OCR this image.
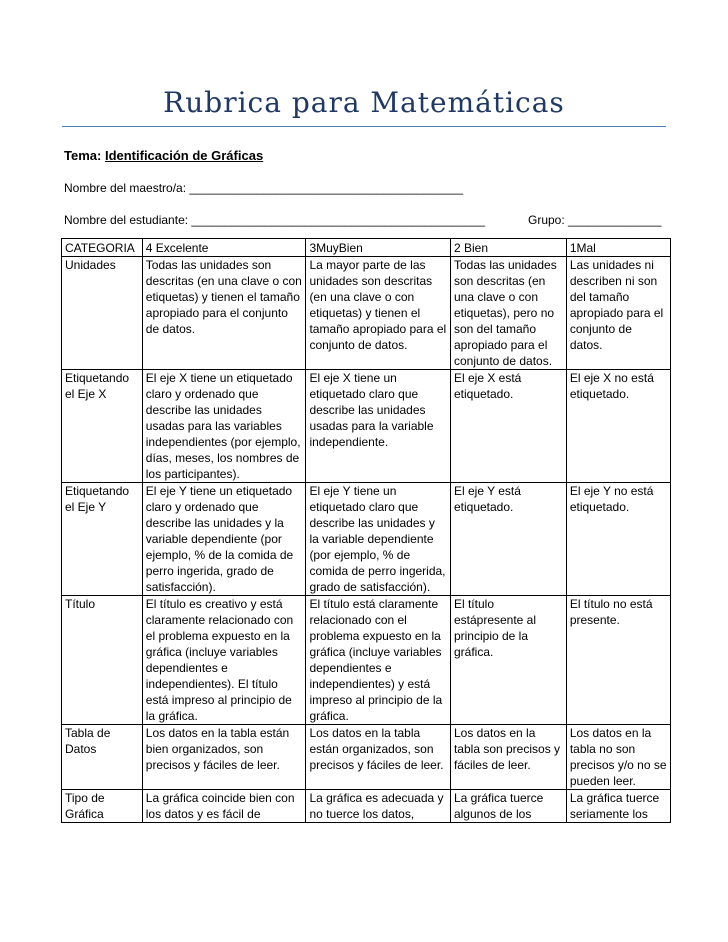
Rubrica para Matemáticas
Tema: Identificación de Gráficas
Nombre del maestro/a: _________________________________________
Nombre del estudiante: ____________________________________________	Grupo: ______________
CATEGORIA	4 Excelente	3MuyBien	2 Bien	1Mal
Unidades	Todas las unidades son descritas (en una clave o con etiquetas) y tienen el tamaño apropiado para el conjunto de datos.	La mayor parte de las unidades son descritas (en una clave o con etiquetas) y tienen el tamaño apropiado para el conjunto de datos.	Todas las unidades son descritas (en una clave o con etiquetas), pero no son del tamaño apropiado para el conjunto de datos.	Las unidades ni describen ni son del tamaño apropiado para el conjunto de datos.
Etiquetando el Eje X	El eje X tiene un etiquetado claro y ordenado que describe las unidades usadas para las variables independientes (por ejemplo, días, meses, los nombres de los participantes).	El eje X tiene un etiquetado claro que describe las unidades usadas para la variable independiente.	El eje X está etiquetado.	El eje X no está etiquetado.
Etiquetando el Eje Y	El eje Y tiene un etiquetado claro y ordenado que describe las unidades y la variable dependiente (por ejemplo, % de la comida de perro ingerida, grado de satisfacción).	El eje Y tiene un etiquetado claro que describe las unidades y la variable dependiente (por ejemplo, % de comida de perro ingerida, grado de satisfacción).	El eje Y está etiquetado.	El eje Y no está etiquetado.
Título	El título es creativo y está claramente relacionado con el problema expuesto en la gráfica (incluye variables dependientes e independientes). El título está impreso al principio de la gráfica.	El título está claramente relacionado con el problema expuesto en la gráfica (incluye variables dependientes e independientes) y está impreso al principio de la gráfica.	El título estápresente al principio de la gráfica.	El título no está presente.
Tabla de Datos	Los datos en la tabla están bien organizados, son precisos y fáciles de leer.	Los datos en la tabla están organizados, son precisos y fáciles de leer.	Los datos en la tabla son precisos y fáciles de leer.	Los datos en la tabla no son precisos y/o no se pueden leer.
Tipo de Gráfica	La gráfica coincide bien con los datos y es fácil de	La gráfica es adecuada y no tuerce los datos,	La gráfica tuerce algunos de los	La gráfica tuerce seriamente los
